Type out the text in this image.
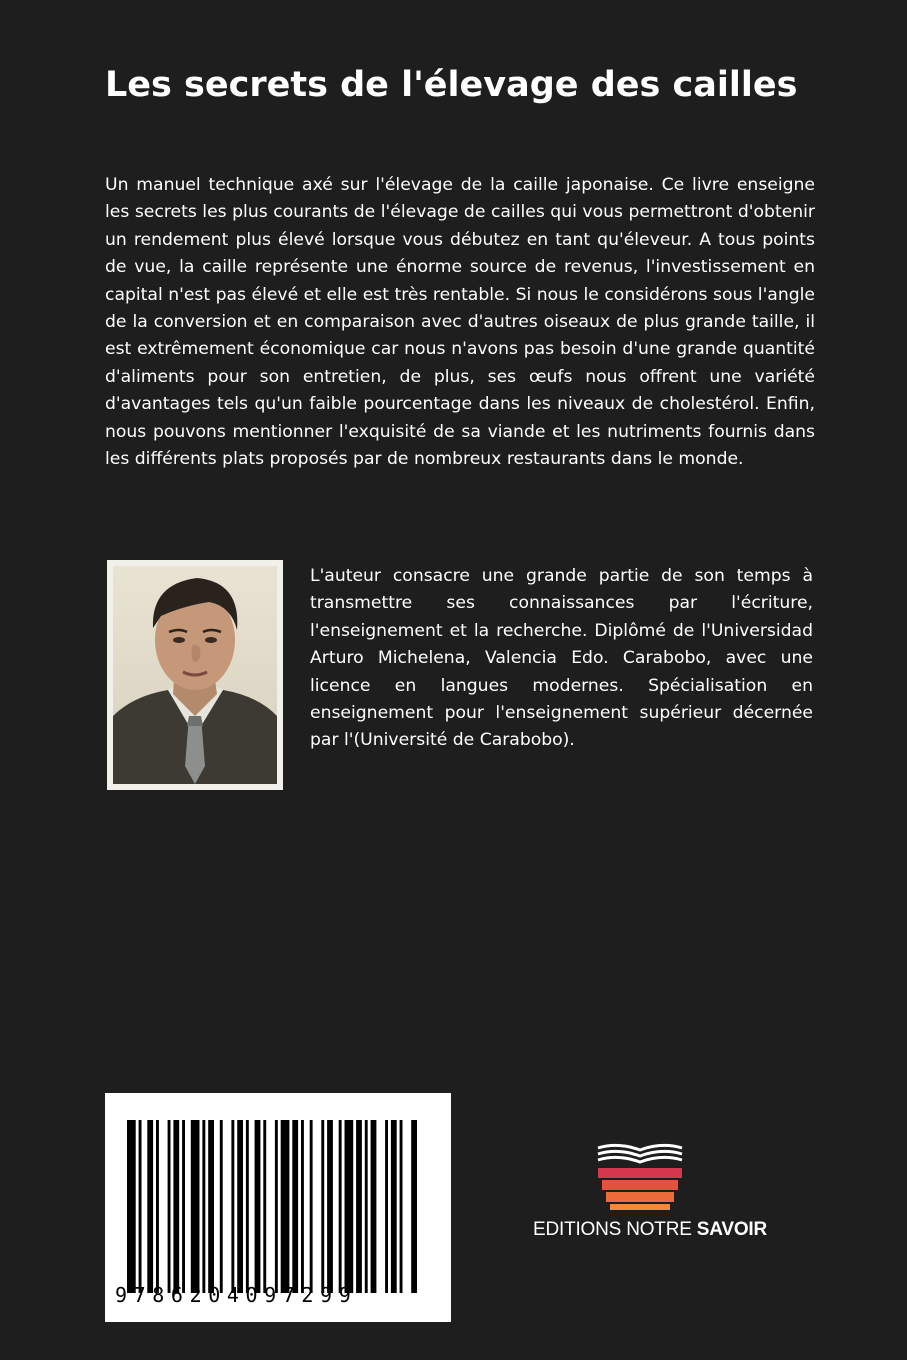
Les secrets de l'élevage des cailles

Un manuel technique axé sur l'élevage de la caille japonaise. Ce livre enseigne les secrets les plus courants de l'élevage de cailles qui vous permettront d'obtenir un rendement plus élevé lorsque vous débutez en tant qu'éleveur. A tous points de vue, la caille représente une énorme source de revenus, l'investissement en capital n'est pas élevé et elle est très rentable. Si nous le considérons sous l'angle de la conversion et en comparaison avec d'autres oiseaux de plus grande taille, il est extrêmement économique car nous n'avons pas besoin d'une grande quantité d'aliments pour son entretien, de plus, ses œufs nous offrent une variété d'avantages tels qu'un faible pourcentage dans les niveaux de cholestérol. Enfin, nous pouvons mentionner l'exquisité de sa viande et les nutriments fournis dans les différents plats proposés par de nombreux restaurants dans le monde.

L'auteur consacre une grande partie de son temps à transmettre ses connaissances par l'écriture, l'enseignement et la recherche. Diplômé de l'Universidad Arturo Michelena, Valencia Edo. Carabobo, avec une licence en langues modernes. Spécialisation en enseignement pour l'enseignement supérieur décernée par l'(Université de Carabobo).

9786204097299
EDITIONS NOTRE SAVOIR
